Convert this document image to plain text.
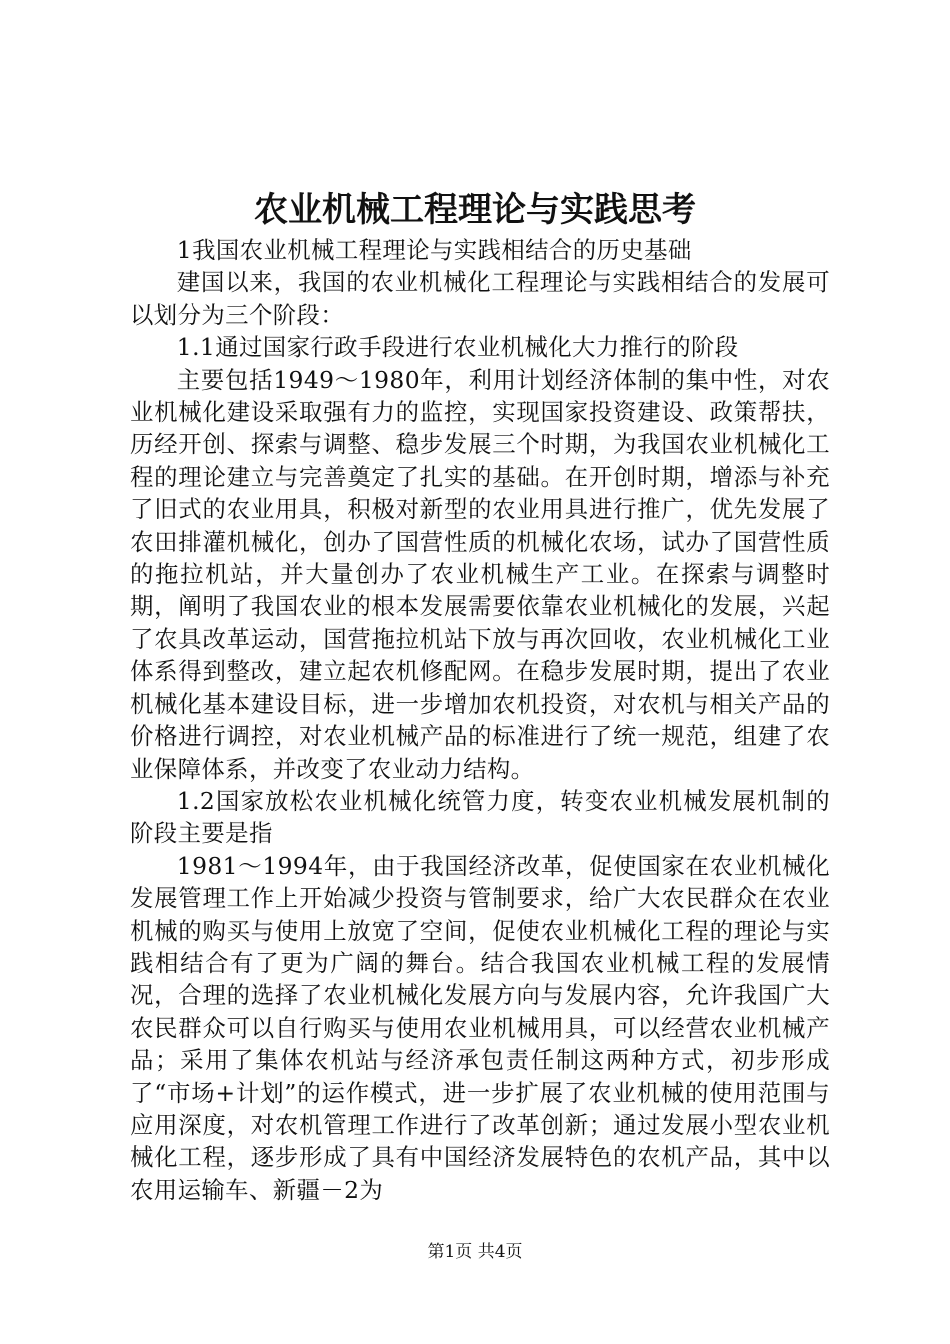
农业机械工程理论与实践思考

1我国农业机械工程理论与实践相结合的历史基础

建国以来，我国的农业机械化工程理论与实践相结合的发展可以划分为三个阶段：

1.1通过国家行政手段进行农业机械化大力推行的阶段

主要包括1949～1980年，利用计划经济体制的集中性，对农业机械化建设采取强有力的监控，实现国家投资建设、政策帮扶，历经开创、探索与调整、稳步发展三个时期，为我国农业机械化工程的理论建立与完善奠定了扎实的基础。在开创时期，增添与补充了旧式的农业用具，积极对新型的农业用具进行推广，优先发展了农田排灌机械化，创办了国营性质的机械化农场，试办了国营性质的拖拉机站，并大量创办了农业机械生产工业。在探索与调整时期，阐明了我国农业的根本发展需要依靠农业机械化的发展，兴起了农具改革运动，国营拖拉机站下放与再次回收，农业机械化工业体系得到整改，建立起农机修配网。在稳步发展时期，提出了农业机械化基本建设目标，进一步增加农机投资，对农机与相关产品的价格进行调控，对农业机械产品的标准进行了统一规范，组建了农业保障体系，并改变了农业动力结构。

1.2国家放松农业机械化统管力度，转变农业机械发展机制的阶段主要是指

1981～1994年，由于我国经济改革，促使国家在农业机械化发展管理工作上开始减少投资与管制要求，给广大农民群众在农业机械的购买与使用上放宽了空间，促使农业机械化工程的理论与实践相结合有了更为广阔的舞台。结合我国农业机械工程的发展情况，合理的选择了农业机械化发展方向与发展内容，允许我国广大农民群众可以自行购买与使用农业机械用具，可以经营农业机械产品；采用了集体农机站与经济承包责任制这两种方式，初步形成了“市场+计划”的运作模式，进一步扩展了农业机械的使用范围与应用深度，对农机管理工作进行了改革创新；通过发展小型农业机械化工程，逐步形成了具有中国经济发展特色的农机产品，其中以农用运输车、新疆－2为

第1页 共4页
